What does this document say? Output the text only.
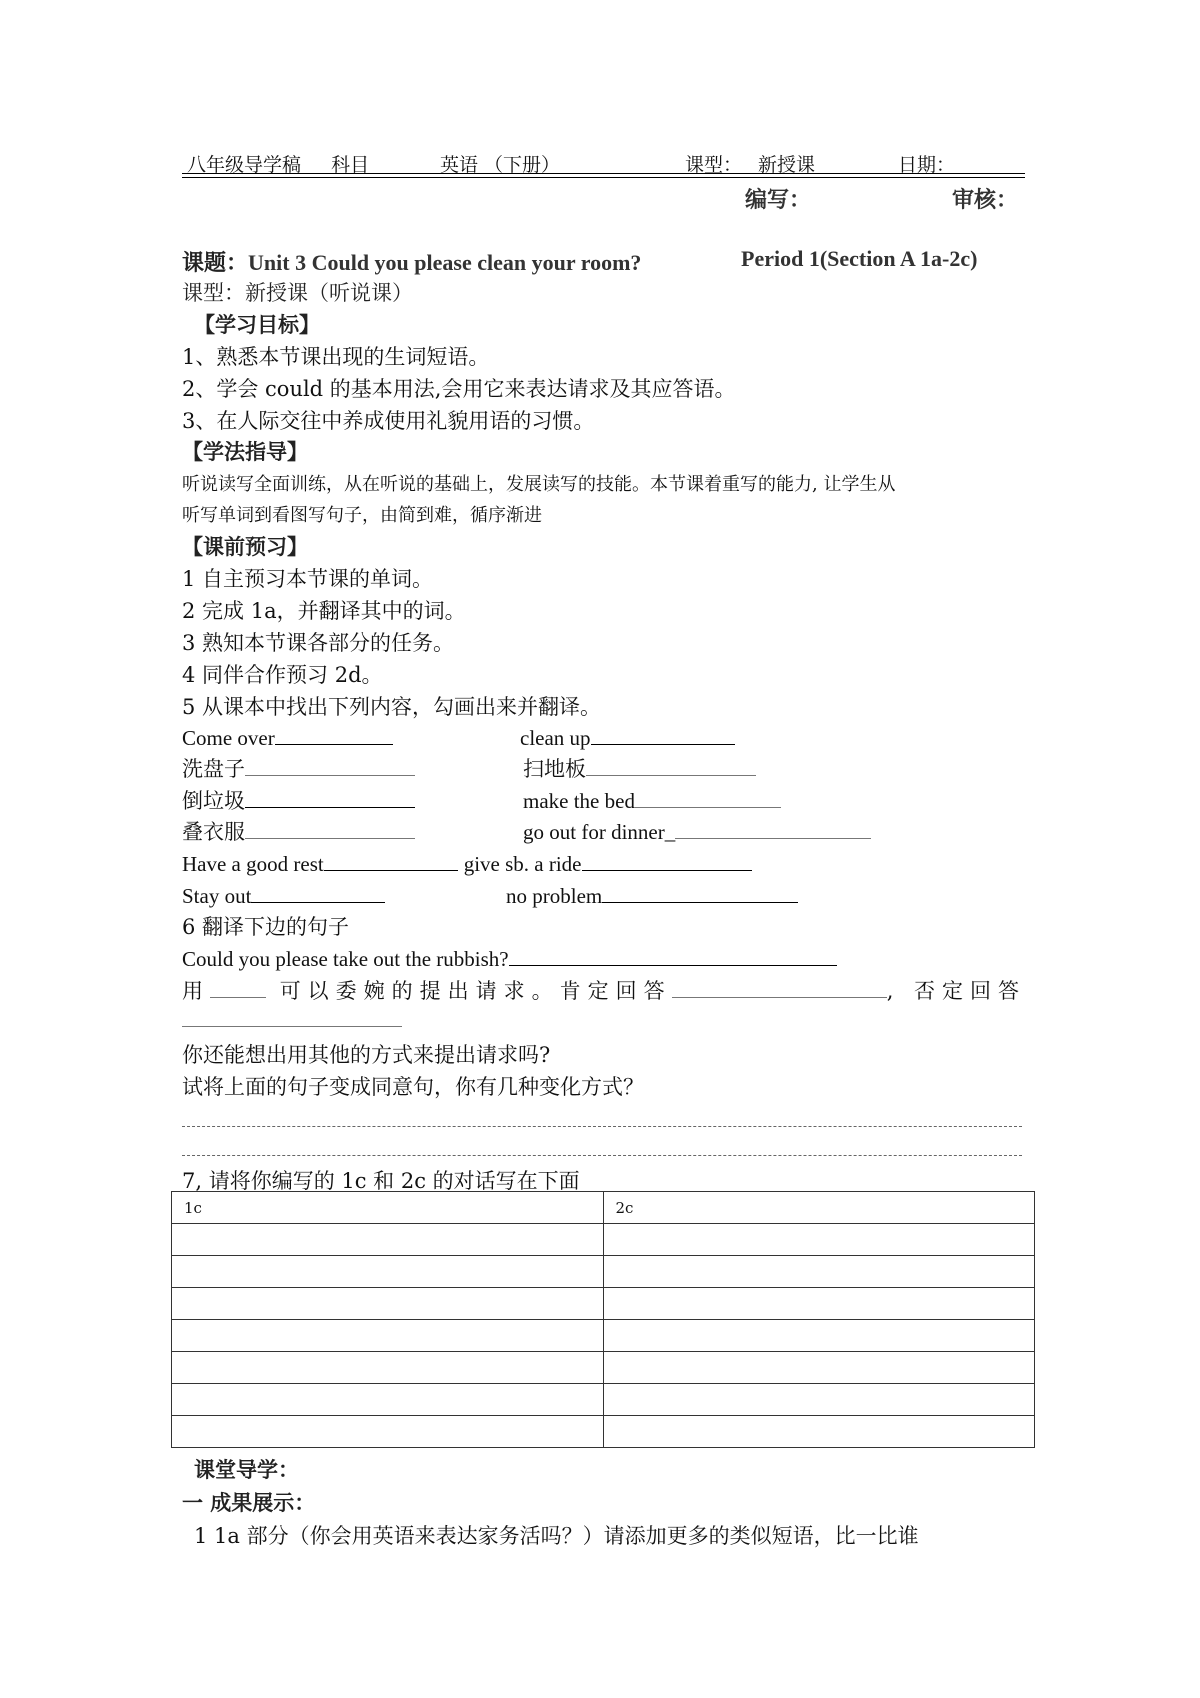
八年级导学稿 科目	英语 （下册）	课型： 新授课	日期：
编写：	审核：
课题：Unit 3 Could you please clean your room?	Period 1(Section A 1a-2c)
课型：新授课（听说课）
【学习目标】
1、熟悉本节课出现的生词短语。
2、学会 could 的基本用法,会用它来表达请求及其应答语。
3、在人际交往中养成使用礼貌用语的习惯。
【学法指导】
听说读写全面训练，从在听说的基础上，发展读写的技能。本节课着重写的能力, 让学生从
听写单词到看图写句子，由简到难，循序渐进
【课前预习】
1 自主预习本节课的单词。
2 完成 1a，并翻译其中的词。
3 熟知本节课各部分的任务。
4 同伴合作预习 2d。
5 从课本中找出下列内容，勾画出来并翻译。
Come over	clean up
洗盘子	扫地板
倒垃圾	make the bed
叠衣服	go out for dinner_
Have a good rest	give sb. a ride
Stay out	no problem
6 翻译下边的句子
Could you please take out the rubbish?
用	可以委婉的提出请求。肯定回答	, 否定回答
你还能想出用其他的方式来提出请求吗?
试将上面的句子变成同意句，你有几种变化方式？
7, 请将你编写的 1c 和 2c 的对话写在下面
1c	2c

课堂导学：
一 成果展示：
1 1a 部分（你会用英语来表达家务活吗？）请添加更多的类似短语，比一比谁
